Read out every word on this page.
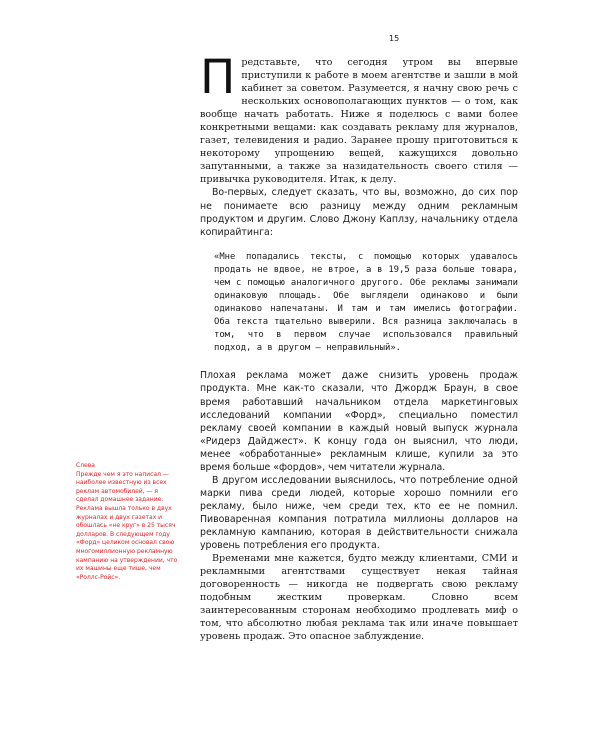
15
Слева
Прежде чем я это написал — наиболее известную из всех реклам автомобилей, — я сделал домашнее задание. Реклама вышла только в двух журналах и двух газетах и обошлась «не круг» в 25 тысяч долларов. В следующем году «Форд» целиком основал свою многомиллионную рекламную кампанию на утверждении, что их машины еще тише, чем «Роллс-Ройс».

Представьте, что сегодня утром вы впервые приступили к работе в моем агентстве и зашли в мой кабинет за советом. Разумеется, я начну свою речь с нескольких основополагающих пунктов — о том, как вообще начать работать. Ниже я поделюсь с вами более конкретными вещами: как создавать рекламу для журналов, газет, телевидения и радио. Заранее прошу приготовиться к некоторому упрощению вещей, кажущихся довольно запутанными, а также за назидательность своего стиля — привычка руководителя. Итак, к делу.

Во-первых, следует сказать, что вы, возможно, до сих пор не понимаете всю разницу между одним рекламным продуктом и другим. Слово Джону Каплзу, начальнику отдела копирайтинга:

«Мне попадались тексты, с помощью которых удавалось продать не вдвое, не втрое, а в 19,5 раза больше товара, чем с помощью аналогичного другого. Обе рекламы занимали одинаковую площадь. Обе выглядели одинаково и были одинаково напечатаны. И там и там имелись фотографии. Оба текста тщательно выверили. Вся разница заключалась в том, что в первом случае использовался правильный подход, а в другом — неправильный».

Плохая реклама может даже снизить уровень продаж продукта. Мне как-то сказали, что Джордж Браун, в свое время работавший начальником отдела маркетинговых исследований компании «Форд», специально поместил рекламу своей компании в каждый новый выпуск журнала «Ридерз Дайджест». К концу года он выяснил, что люди, менее «обработанные» рекламным клише, купили за это время больше «фордов», чем читатели журнала.

В другом исследовании выяснилось, что потребление одной марки пива среди людей, которые хорошо помнили его рекламу, было ниже, чем среди тех, кто ее не помнил. Пивоваренная компания потратила миллионы долларов на рекламную кампанию, которая в действительности снижала уровень потребления его продукта.

Временами мне кажется, будто между клиентами, СМИ и рекламными агентствами существует некая тайная договоренность — никогда не подвергать свою рекламу подобным жестким проверкам. Словно всем заинтересованным сторонам необходимо продлевать миф о том, что абсолютно любая реклама так или иначе повышает уровень продаж. Это опасное заблуждение.
